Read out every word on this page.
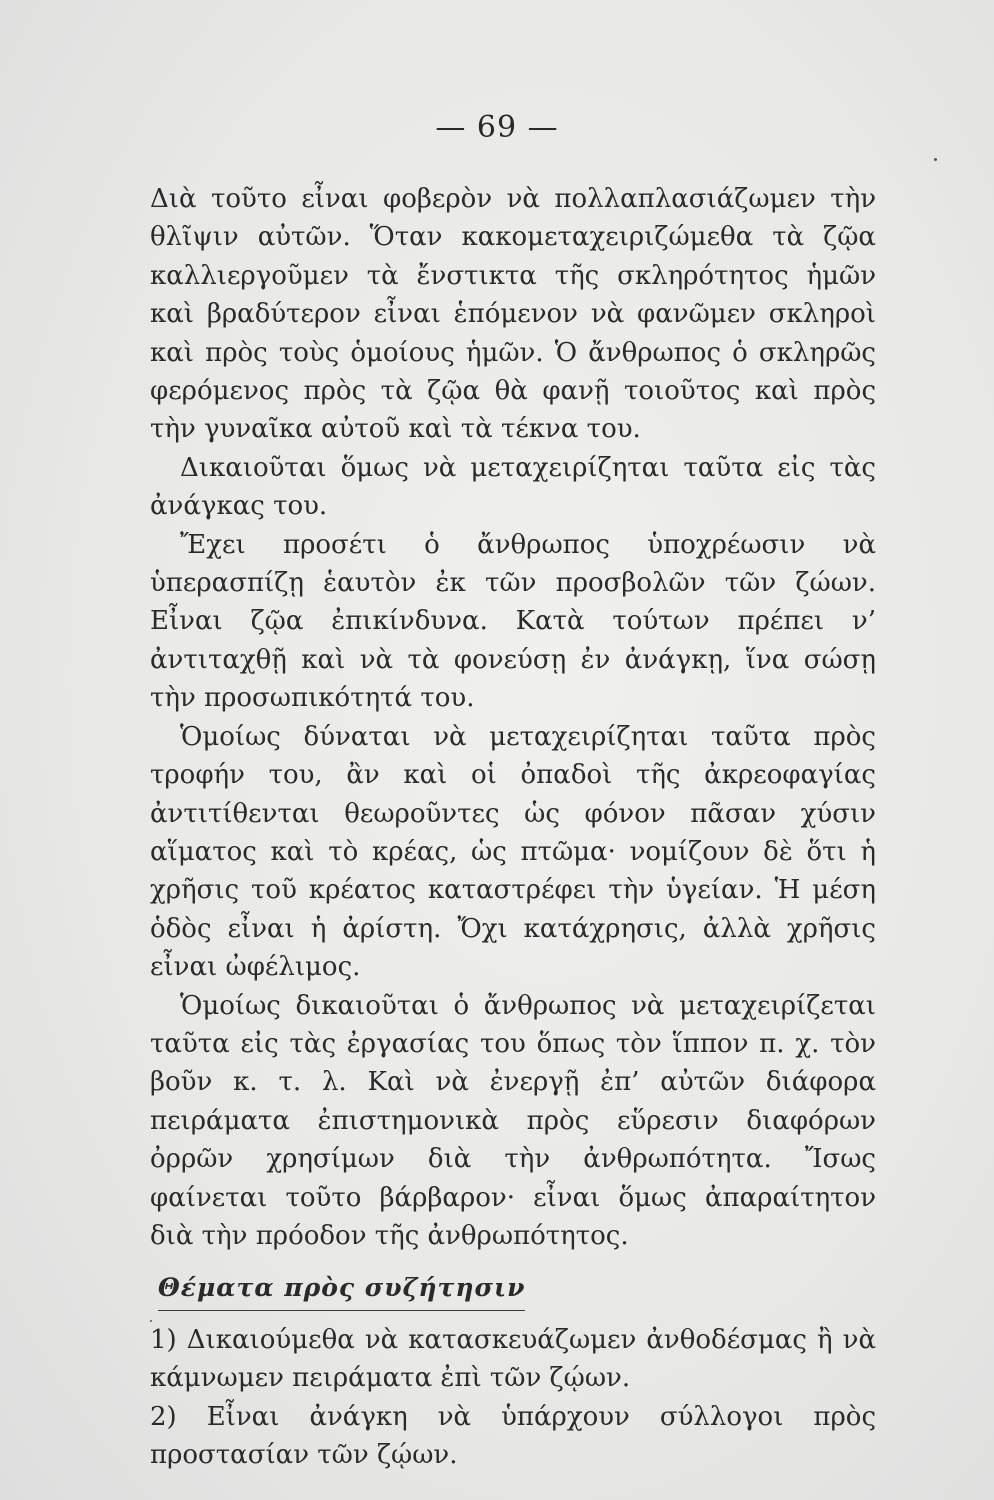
— 69 —

Διὰ τοῦτο εἶναι φοβερὸν νὰ πολλαπλασιάζωμεν τὴν θλῖψιν αὐτῶν. Ὅταν κακομεταχειριζώμεθα τὰ ζῷα καλλιεργοῦμεν τὰ ἔνστικτα τῆς σκληρότητος ἡμῶν καὶ βραδύτερον εἶναι ἑπόμενον νὰ φανῶμεν σκληροὶ καὶ πρὸς τοὺς ὁμοίους ἡμῶν. Ὁ ἄνθρωπος ὁ σκληρῶς φερόμενος πρὸς τὰ ζῷα θὰ φανῇ τοιοῦτος καὶ πρὸς τὴν γυναῖκα αὐτοῦ καὶ τὰ τέκνα του.

Δικαιοῦται ὅμως νὰ μεταχειρίζηται ταῦτα εἰς τὰς ἀνάγκας του.

Ἔχει προσέτι ὁ ἄνθρωπος ὑποχρέωσιν νὰ ὑπερασπίζῃ ἑαυτὸν ἐκ τῶν προσβολῶν τῶν ζώων. Εἶναι ζῷα ἐπικίνδυνα. Κατὰ τούτων πρέπει ν’ ἀντιταχθῇ καὶ νὰ τὰ φονεύσῃ ἐν ἀνάγκῃ, ἵνα σώσῃ τὴν προσωπικότητά του.

Ὁμοίως δύναται νὰ μεταχειρίζηται ταῦτα πρὸς τροφήν του, ἂν καὶ οἱ ὀπαδοὶ τῆς ἀκρεοφαγίας ἀντιτίθενται θεωροῦντες ὡς φόνον πᾶσαν χύσιν αἵματος καὶ τὸ κρέας, ὡς πτῶμα· νομίζουν δὲ ὅτι ἡ χρῆσις τοῦ κρέατος καταστρέφει τὴν ὑγείαν. Ἡ μέση ὁδὸς εἶναι ἡ ἀρίστη. Ὄχι κατάχρησις, ἀλλὰ χρῆσις εἶναι ὠφέλιμος.

Ὁμοίως δικαιοῦται ὁ ἄνθρωπος νὰ μεταχειρίζεται ταῦτα εἰς τὰς ἐργασίας του ὅπως τὸν ἵππον π. χ. τὸν βοῦν κ. τ. λ. Καὶ νὰ ἐνεργῇ ἐπ’ αὐτῶν διάφορα πειράματα ἐπιστημονικὰ πρὸς εὕρεσιν διαφόρων ὀρρῶν χρησίμων διὰ τὴν ἀνθρωπότητα. Ἴσως φαίνεται τοῦτο βάρβαρον· εἶναι ὅμως ἀπαραίτητον διὰ τὴν πρόοδον τῆς ἀνθρωπότητος.

Θέματα πρὸς συζήτησιν

1) Δικαιούμεθα νὰ κατασκευάζωμεν ἀνθοδέσμας ἢ νὰ κάμνωμεν πειράματα ἐπὶ τῶν ζῴων.

2) Εἶναι ἀνάγκη νὰ ὑπάρχουν σύλλογοι πρὸς προστασίαν τῶν ζῴων.
